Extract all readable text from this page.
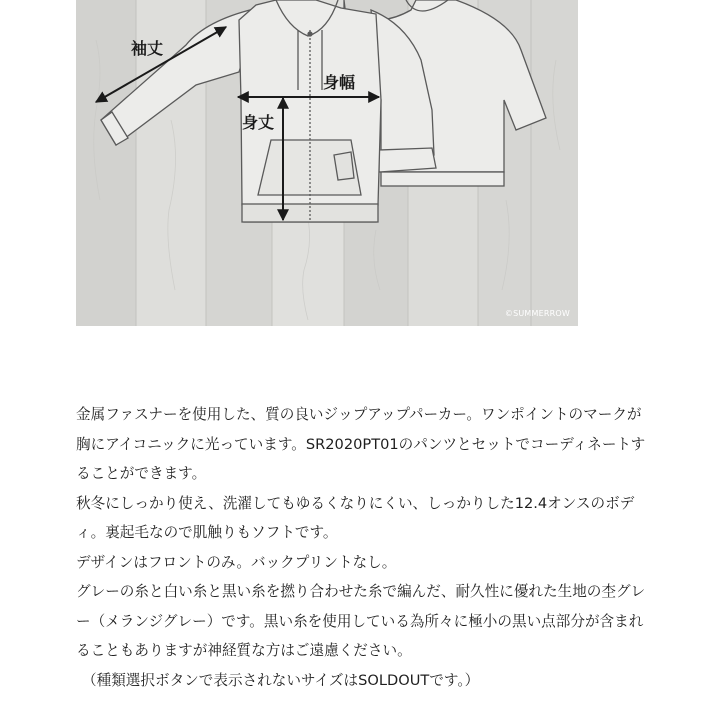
袖丈
身幅
身丈
©SUMMERROW

金属ファスナーを使用した、質の良いジップアップパーカー。ワンポイントのマークが

胸にアイコニックに光っています。SR2020PT01のパンツとセットでコーディネートす

ることができます。

秋冬にしっかり使え、洗濯してもゆるくなりにくい、しっかりした12.4オンスのボデ

ィ。裏起毛なので肌触りもソフトです。

デザインはフロントのみ。バックプリントなし。

グレーの糸と白い糸と黒い糸を撚り合わせた糸で編んだ、耐久性に優れた生地の杢グレ

ー（メランジグレー）です。黒い糸を使用している為所々に極小の黒い点部分が含まれ

ることもありますが神経質な方はご遠慮ください。

（種類選択ボタンで表示されないサイズはSOLDOUTです。）
